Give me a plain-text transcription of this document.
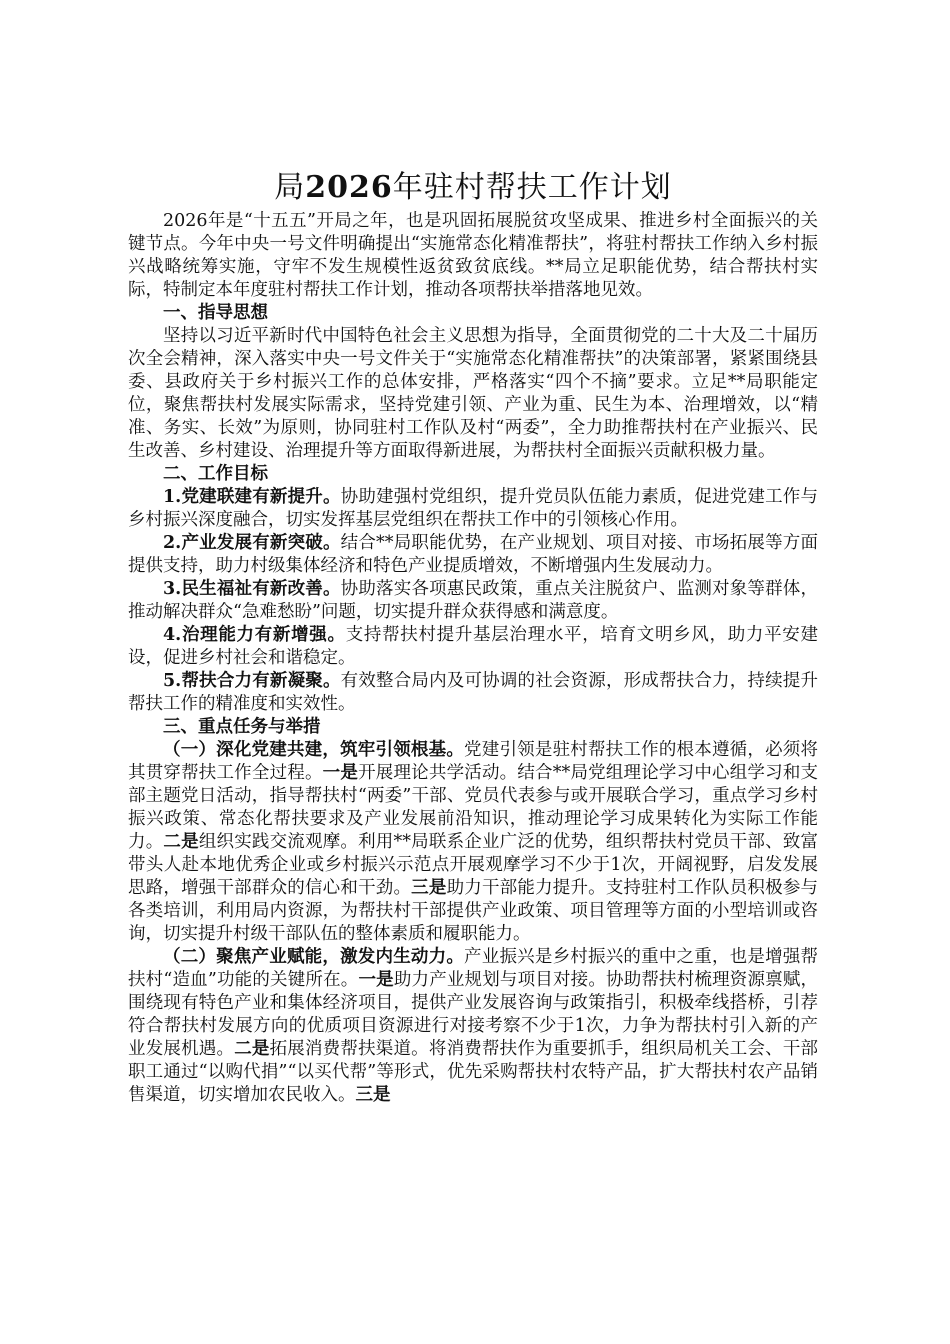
局2026年驻村帮扶工作计划

2026年是“十五五”开局之年，也是巩固拓展脱贫攻坚成果、推进乡村全面振兴的关键节点。今年中央一号文件明确提出“实施常态化精准帮扶”，将驻村帮扶工作纳入乡村振兴战略统筹实施，守牢不发生规模性返贫致贫底线。**局立足职能优势，结合帮扶村实际，特制定本年度驻村帮扶工作计划，推动各项帮扶举措落地见效。

一、指导思想

坚持以习近平新时代中国特色社会主义思想为指导，全面贯彻党的二十大及二十届历次全会精神，深入落实中央一号文件关于“实施常态化精准帮扶”的决策部署，紧紧围绕县委、县政府关于乡村振兴工作的总体安排，严格落实“四个不摘”要求。立足**局职能定位，聚焦帮扶村发展实际需求，坚持党建引领、产业为重、民生为本、治理增效，以“精准、务实、长效”为原则，协同驻村工作队及村“两委”，全力助推帮扶村在产业振兴、民生改善、乡村建设、治理提升等方面取得新进展，为帮扶村全面振兴贡献积极力量。

二、工作目标

1.党建联建有新提升。协助建强村党组织，提升党员队伍能力素质，促进党建工作与乡村振兴深度融合，切实发挥基层党组织在帮扶工作中的引领核心作用。

2.产业发展有新突破。结合**局职能优势，在产业规划、项目对接、市场拓展等方面提供支持，助力村级集体经济和特色产业提质增效，不断增强内生发展动力。

3.民生福祉有新改善。协助落实各项惠民政策，重点关注脱贫户、监测对象等群体，推动解决群众“急难愁盼”问题，切实提升群众获得感和满意度。

4.治理能力有新增强。支持帮扶村提升基层治理水平，培育文明乡风，助力平安建设，促进乡村社会和谐稳定。

5.帮扶合力有新凝聚。有效整合局内及可协调的社会资源，形成帮扶合力，持续提升帮扶工作的精准度和实效性。

三、重点任务与举措

（一）深化党建共建，筑牢引领根基。党建引领是驻村帮扶工作的根本遵循，必须将其贯穿帮扶工作全过程。一是开展理论共学活动。结合**局党组理论学习中心组学习和支部主题党日活动，指导帮扶村“两委”干部、党员代表参与或开展联合学习，重点学习乡村振兴政策、常态化帮扶要求及产业发展前沿知识，推动理论学习成果转化为实际工作能力。二是组织实践交流观摩。利用**局联系企业广泛的优势，组织帮扶村党员干部、致富带头人赴本地优秀企业或乡村振兴示范点开展观摩学习不少于1次，开阔视野，启发发展思路，增强干部群众的信心和干劲。三是助力干部能力提升。支持驻村工作队员积极参与各类培训，利用局内资源，为帮扶村干部提供产业政策、项目管理等方面的小型培训或咨询，切实提升村级干部队伍的整体素质和履职能力。

（二）聚焦产业赋能，激发内生动力。产业振兴是乡村振兴的重中之重，也是增强帮扶村“造血”功能的关键所在。一是助力产业规划与项目对接。协助帮扶村梳理资源禀赋，围绕现有特色产业和集体经济项目，提供产业发展咨询与政策指引，积极牵线搭桥，引荐符合帮扶村发展方向的优质项目资源进行对接考察不少于1次，力争为帮扶村引入新的产业发展机遇。二是拓展消费帮扶渠道。将消费帮扶作为重要抓手，组织局机关工会、干部职工通过“以购代捐”“以买代帮”等形式，优先采购帮扶村农特产品，扩大帮扶村农产品销售渠道，切实增加农民收入。三是
